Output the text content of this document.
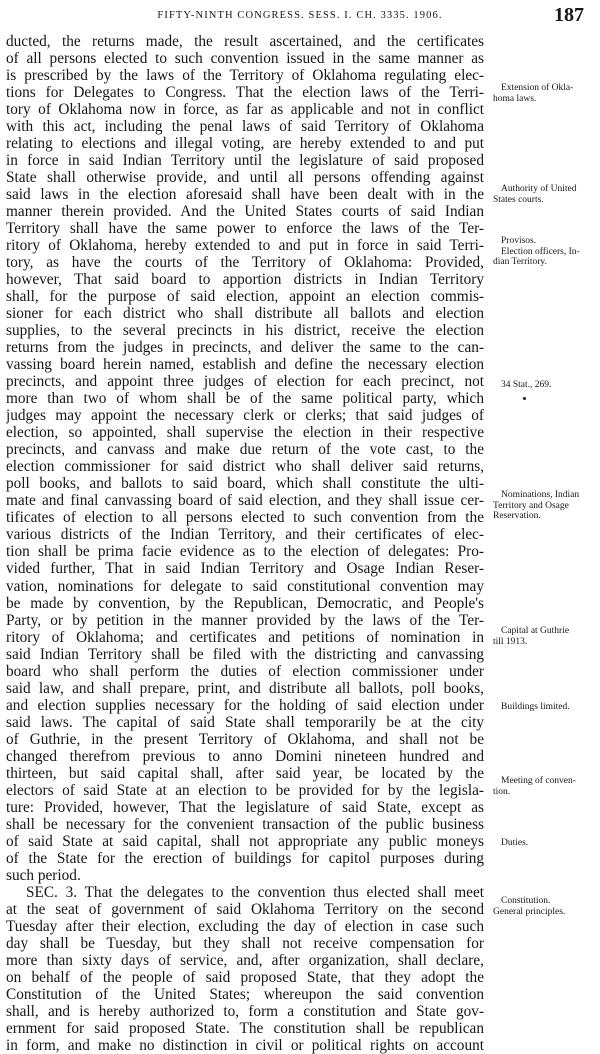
FIFTY-NINTH CONGRESS. SESS. I. CH. 3335. 1906.	187
ducted, the returns made, the result ascertained, and the certificates
of all persons elected to such convention issued in the same manner as
is prescribed by the laws of the Territory of Oklahoma regulating elec-
tions for Delegates to Congress. That the election laws of the Terri-
tory of Oklahoma now in force, as far as applicable and not in conflict
with this act, including the penal laws of said Territory of Oklahoma
relating to elections and illegal voting, are hereby extended to and put
in force in said Indian Territory until the legislature of said proposed
State shall otherwise provide, and until all persons offending against
said laws in the election aforesaid shall have been dealt with in the
manner therein provided. And the United States courts of said Indian
Territory shall have the same power to enforce the laws of the Ter-
ritory of Oklahoma, hereby extended to and put in force in said Terri-
tory, as have the courts of the Territory of Oklahoma: Provided,
however, That said board to apportion districts in Indian Territory
shall, for the purpose of said election, appoint an election commis-
sioner for each district who shall distribute all ballots and election
supplies, to the several precincts in his district, receive the election
returns from the judges in precincts, and deliver the same to the can-
vassing board herein named, establish and define the necessary election
precincts, and appoint three judges of election for each precinct, not
more than two of whom shall be of the same political party, which
judges may appoint the necessary clerk or clerks; that said judges of
election, so appointed, shall supervise the election in their respective
precincts, and canvass and make due return of the vote cast, to the
election commissioner for said district who shall deliver said returns,
poll books, and ballots to said board, which shall constitute the ulti-
mate and final canvassing board of said election, and they shall issue cer-
tificates of election to all persons elected to such convention from the
various districts of the Indian Territory, and their certificates of elec-
tion shall be prima facie evidence as to the election of delegates: Pro-
vided further, That in said Indian Territory and Osage Indian Reser-
vation, nominations for delegate to said constitutional convention may
be made by convention, by the Republican, Democratic, and People's
Party, or by petition in the manner provided by the laws of the Ter-
ritory of Oklahoma; and certificates and petitions of nomination in
said Indian Territory shall be filed with the districting and canvassing
board who shall perform the duties of election commissioner under
said law, and shall prepare, print, and distribute all ballots, poll books,
and election supplies necessary for the holding of said election under
said laws. The capital of said State shall temporarily be at the city
of Guthrie, in the present Territory of Oklahoma, and shall not be
changed therefrom previous to anno Domini nineteen hundred and
thirteen, but said capital shall, after said year, be located by the
electors of said State at an election to be provided for by the legisla-
ture: Provided, however, That the legislature of said State, except as
shall be necessary for the convenient transaction of the public business
of said State at said capital, shall not appropriate any public moneys
of the State for the erection of buildings for capitol purposes during
such period.
SEC. 3. That the delegates to the convention thus elected shall meet
at the seat of government of said Oklahoma Territory on the second
Tuesday after their election, excluding the day of election in case such
day shall be Tuesday, but they shall not receive compensation for
more than sixty days of service, and, after organization, shall declare,
on behalf of the people of said proposed State, that they adopt the
Constitution of the United States; whereupon the said convention
shall, and is hereby authorized to, form a constitution and State gov-
ernment for said proposed State. The constitution shall be republican
in form, and make no distinction in civil or political rights on account
Extension of Okla-
homa laws.
Authority of United
States courts.
Provisos.
Election officers, In-
dian Territory.
34 Stat., 269.
Nominations, Indian
Territory and Osage
Reservation.
Capital at Guthrie
till 1913.
Buildings limited.
Meeting of conven-
tion.
Duties.
Constitution.
General principles.
